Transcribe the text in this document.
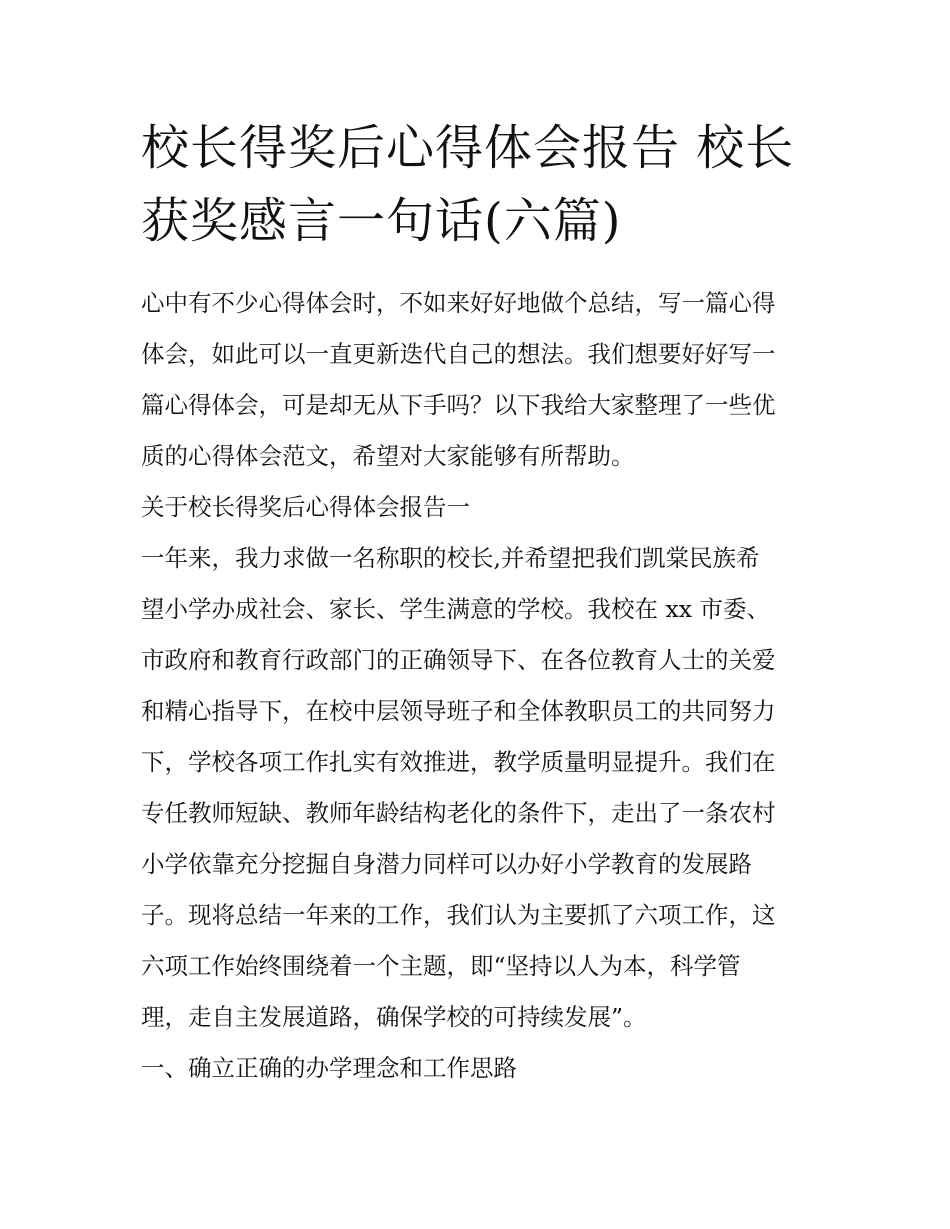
校长得奖后心得体会报告 校长
获奖感言一句话(六篇)
心中有不少心得体会时，不如来好好地做个总结，写一篇心得
体会，如此可以一直更新迭代自己的想法。我们想要好好写一
篇心得体会，可是却无从下手吗？以下我给大家整理了一些优
质的心得体会范文，希望对大家能够有所帮助。
关于校长得奖后心得体会报告一
一年来，我力求做一名称职的校长,并希望把我们凯棠民族希
望小学办成社会、家长、学生满意的学校。我校在 xx 市委、
市政府和教育行政部门的正确领导下、在各位教育人士的关爱
和精心指导下，在校中层领导班子和全体教职员工的共同努力
下，学校各项工作扎实有效推进，教学质量明显提升。我们在
专任教师短缺、教师年龄结构老化的条件下，走出了一条农村
小学依靠充分挖掘自身潜力同样可以办好小学教育的发展路
子。现将总结一年来的工作，我们认为主要抓了六项工作，这
六项工作始终围绕着一个主题，即“坚持以人为本，科学管
理，走自主发展道路，确保学校的可持续发展”。
一、确立正确的办学理念和工作思路
